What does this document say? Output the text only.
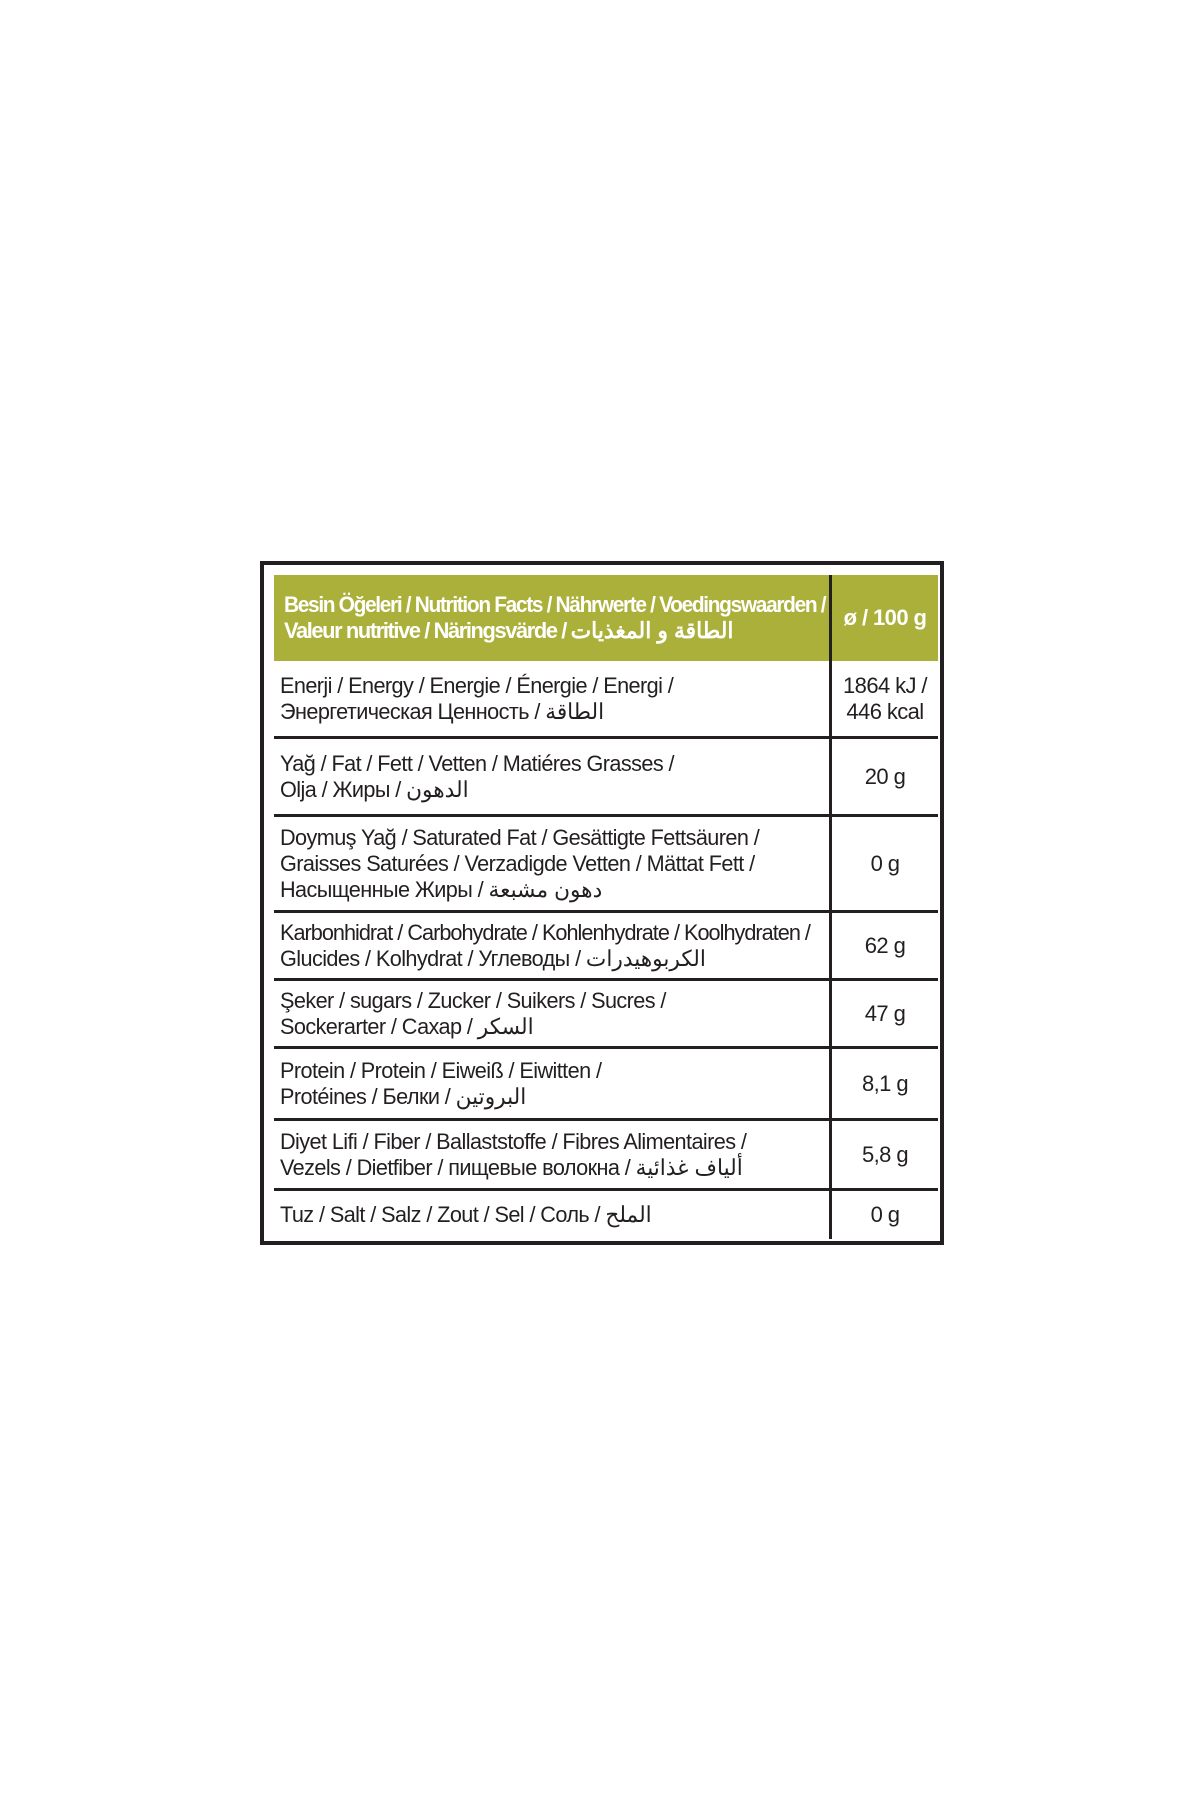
Besin Öğeleri / Nutrition Facts / Nährwerte / Voedingswaarden /
Valeur nutritive / Näringsvärde / الطاقة و المغذيات
ø / 100 g
Enerji / Energy / Energie / Énergie / Energi /
Энергетическая Ценность / الطاقة
1864 kJ /
446 kcal
Yağ / Fat / Fett / Vetten / Matiéres Grasses /
Olja / Жиры / الدهون
20 g
Doymuş Yağ / Saturated Fat / Gesättigte Fettsäuren /
Graisses Saturées / Verzadigde Vetten / Mättat Fett /
Насыщенные Жиры / دهون مشبعة
0 g
Karbonhidrat / Carbohydrate / Kohlenhydrate / Koolhydraten /
Glucides / Kolhydrat / Углеводы / الكربوهيدرات
62 g
Şeker / sugars / Zucker / Suikers / Sucres /
Sockerarter / Сахар / السكر
47 g
Protein / Protein / Eiweiß / Eiwitten /
Protéines / Белки / البروتين
8,1 g
Diyet Lifi / Fiber / Ballaststoffe / Fibres Alimentaires /
Vezels / Dietfiber / пищевые волокна / ألياف غذائية
5,8 g
Tuz / Salt / Salz / Zout / Sel / Соль / الملح	0 g
